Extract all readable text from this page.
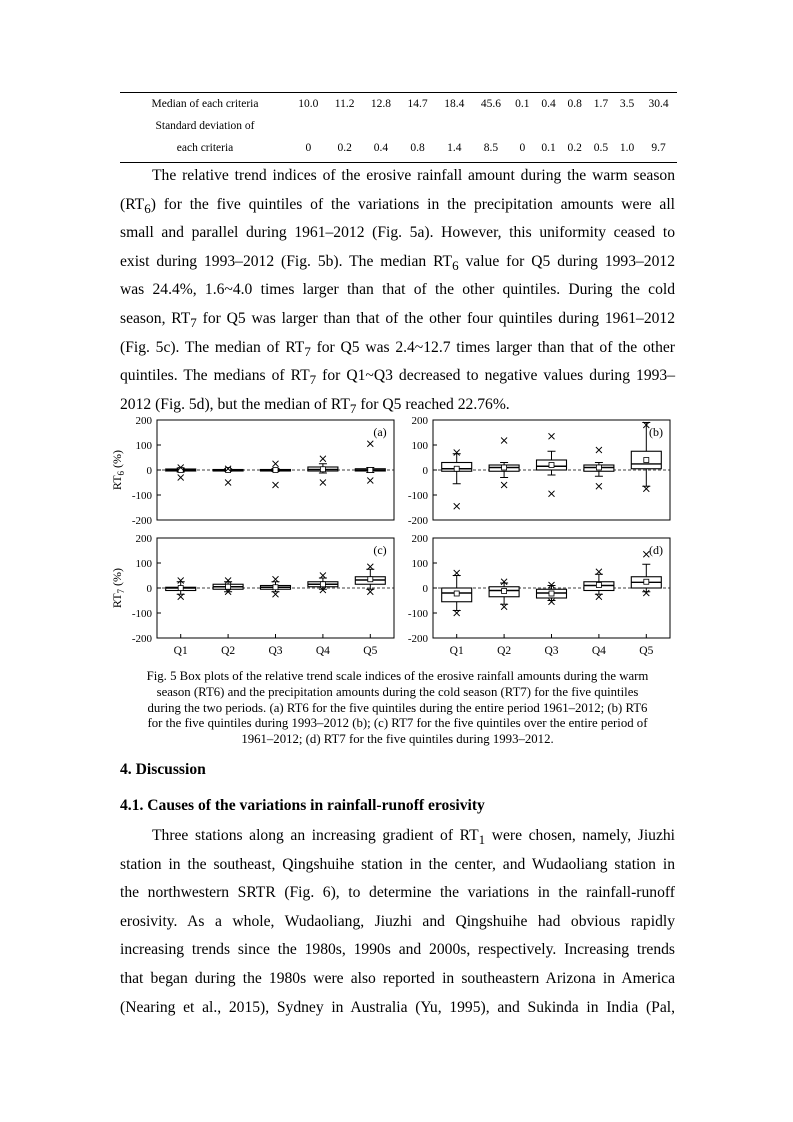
Median of each criteria	10.0	11.2	12.8	14.7	18.4	45.6	0.1	0.4	0.8	1.7	3.5	30.4
Standard deviation of												
each criteria	0	0.2	0.4	0.8	1.4	8.5	0	0.1	0.2	0.5	1.0	9.7
The relative trend indices of the erosive rainfall amount during the warm season
$(RT_6)$ for the five quintiles of the variations in the precipitation amounts were all
small and parallel during 1961–2012 (Fig. 5a). However, this uniformity ceased to
exist during 1993–2012 (Fig. 5b). The median $RT_6$ value for Q5 during 1993–2012
was 24.4%, 1.6~4.0 times larger than that of the other quintiles. During the cold
season, $RT_7$ for Q5 was larger than that of the other four quintiles during 1961–2012
(Fig. 5c). The median of $RT_7$ for Q5 was 2.4~12.7 times larger than that of the other
quintiles. The medians of $RT_7$ for Q1~Q3 decreased to negative values during 1993–
2012 (Fig. 5d), but the median of $RT_7$ for Q5 reached 22.76%.
200
100
0
-100
-200
(a)
$RT_6$ (%)
200
100
0
-100
-200
(b)
200
100
0
-100
-200
(c)
$RT_7$ (%)
Q1	Q2	Q3	Q4	Q5
200
100
0
-100
-200
(d)
Q1	Q2	Q3	Q4	Q5
Fig. 5 Box plots of the relative trend scale indices of the erosive rainfall amounts during the warm
season (RT6) and the precipitation amounts during the cold season (RT7) for the five quintiles
during the two periods. (a) RT6 for the five quintiles during the entire period 1961–2012; (b) RT6
for the five quintiles during 1993–2012 (b); (c) RT7 for the five quintiles over the entire period of
1961–2012; (d) RT7 for the five quintiles during 1993–2012.
4. Discussion
4.1. Causes of the variations in rainfall-runoff erosivity
Three stations along an increasing gradient of $RT_1$ were chosen, namely, Jiuzhi
station in the southeast, Qingshuihe station in the center, and Wudaoliang station in
the northwestern SRTR (Fig. 6), to determine the variations in the rainfall-runoff
erosivity. As a whole, Wudaoliang, Jiuzhi and Qingshuihe had obvious rapidly
increasing trends since the 1980s, 1990s and 2000s, respectively. Increasing trends
that began during the 1980s were also reported in southeastern Arizona in America
(Nearing et al., 2015), Sydney in Australia (Yu, 1995), and Sukinda in India (Pal,
